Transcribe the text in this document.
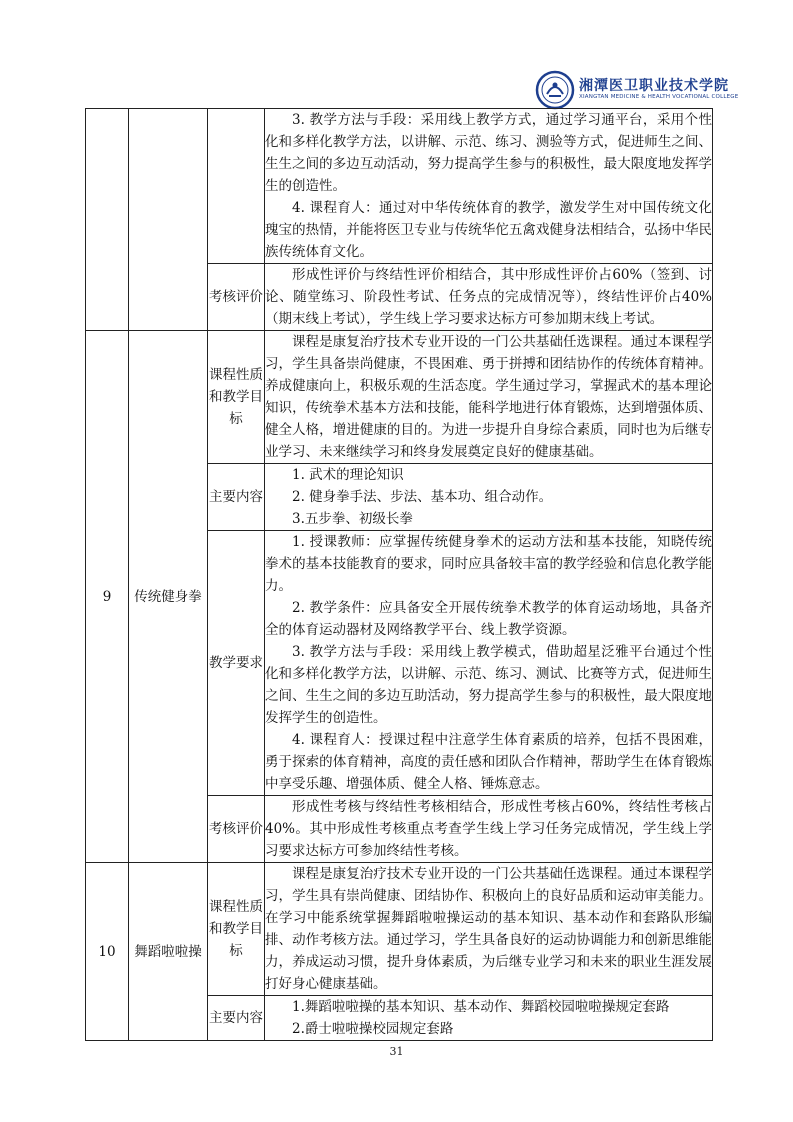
湘潭医卫职业技术学院
XIANGTAN MEDICINE & HEALTH VOCATIONAL COLLEGE

			3. 教学方法与手段：采用线上教学方式，通过学习通平台，采用个性化和多样化教学方法，以讲解、示范、练习、测验等方式，促进师生之间、生生之间的多边互动活动，努力提高学生参与的积极性，最大限度地发挥学生的创造性。

4. 课程育人：通过对中华传统体育的教学，激发学生对中国传统文化瑰宝的热情，并能将医卫专业与传统华佗五禽戏健身法相结合，弘扬中华民族传统体育文化。

		考核评价	形成性评价与终结性评价相结合，其中形成性评价占60%（签到、讨论、随堂练习、阶段性考试、任务点的完成情况等），终结性评价占40%（期末线上考试），学生线上学习要求达标方可参加期末线上考试。

9	传统健身拳	课程性质和教学目标	课程是康复治疗技术专业开设的一门公共基础任选课程。通过本课程学习，学生具备崇尚健康，不畏困难、勇于拼搏和团结协作的传统体育精神。养成健康向上，积极乐观的生活态度。学生通过学习，掌握武术的基本理论知识，传统拳术基本方法和技能，能科学地进行体育锻炼，达到增强体质、健全人格，增进健康的目的。为进一步提升自身综合素质，同时也为后继专业学习、未来继续学习和终身发展奠定良好的健康基础。

		主要内容	1. 武术的理论知识

2. 健身拳手法、步法、基本功、组合动作。

3.五步拳、初级长拳

		教学要求	1. 授课教师：应掌握传统健身拳术的运动方法和基本技能，知晓传统拳术的基本技能教育的要求，同时应具备较丰富的教学经验和信息化教学能力。

2. 教学条件：应具备安全开展传统拳术教学的体育运动场地，具备齐全的体育运动器材及网络教学平台、线上教学资源。

3. 教学方法与手段：采用线上教学模式，借助超星泛雅平台通过个性化和多样化教学方法，以讲解、示范、练习、测试、比赛等方式，促进师生之间、生生之间的多边互助活动，努力提高学生参与的积极性，最大限度地发挥学生的创造性。

4. 课程育人：授课过程中注意学生体育素质的培养，包括不畏困难，勇于探索的体育精神，高度的责任感和团队合作精神，帮助学生在体育锻炼中享受乐趣、增强体质、健全人格、锤炼意志。

		考核评价	形成性考核与终结性考核相结合，形成性考核占60%，终结性考核占40%。其中形成性考核重点考查学生线上学习任务完成情况，学生线上学习要求达标方可参加终结性考核。

10	舞蹈啦啦操	课程性质和教学目标	课程是康复治疗技术专业开设的一门公共基础任选课程。通过本课程学习，学生具有崇尚健康、团结协作、积极向上的良好品质和运动审美能力。在学习中能系统掌握舞蹈啦啦操运动的基本知识、基本动作和套路队形编排、动作考核方法。通过学习，学生具备良好的运动协调能力和创新思维能力，养成运动习惯，提升身体素质，为后继专业学习和未来的职业生涯发展打好身心健康基础。

		主要内容	1.舞蹈啦啦操的基本知识、基本动作、舞蹈校园啦啦操规定套路

2.爵士啦啦操校园规定套路

31
